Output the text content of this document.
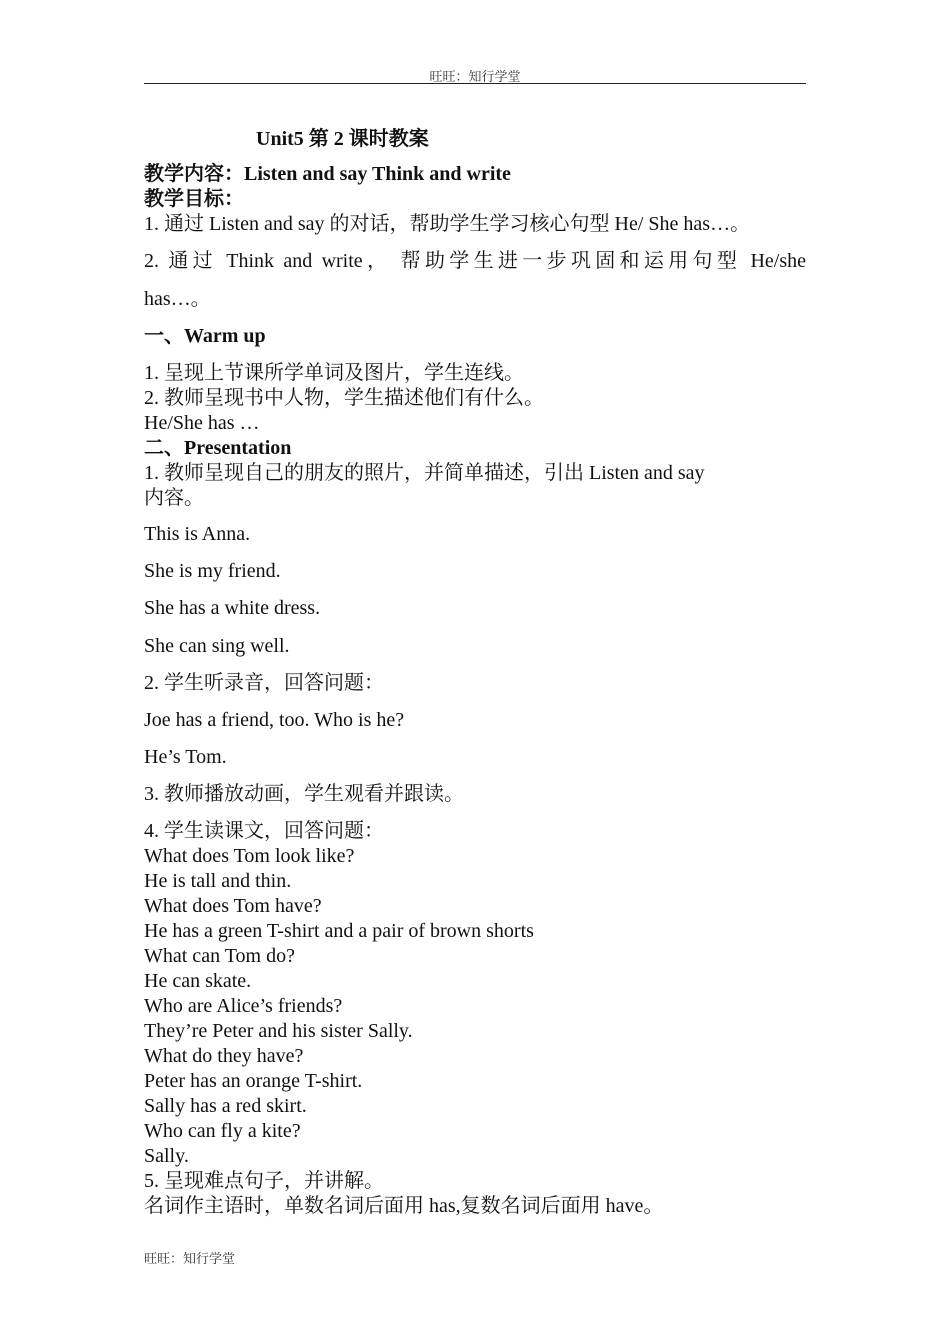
旺旺：知行学堂
Unit5 第 2 课时教案
教学内容：Listen and say Think and write
教学目标：
1. 通过 Listen and say 的对话，帮助学生学习核心句型 He/ She has…。
2. 通过 Think and write， 帮助学生进一步巩固和运用句型 He/she
has…。
一、Warm up
1. 呈现上节课所学单词及图片，学生连线。
2. 教师呈现书中人物，学生描述他们有什么。
He/She has …
二、Presentation
1. 教师呈现自己的朋友的照片，并简单描述，引出 Listen and say
内容。
This is Anna.
She is my friend.
She has a white dress.
She can sing well.
2. 学生听录音，回答问题：
Joe has a friend, too. Who is he?
He’s Tom.
3. 教师播放动画，学生观看并跟读。
4. 学生读课文，回答问题：
What does Tom look like?
He is tall and thin.
What does Tom have?
He has a green T-shirt and a pair of brown shorts
What can Tom do?
He can skate.
Who are Alice’s friends?
They’re Peter and his sister Sally.
What do they have?
Peter has an orange T-shirt.
Sally has a red skirt.
Who can fly a kite?
Sally.
5. 呈现难点句子，并讲解。
名词作主语时，单数名词后面用 has,复数名词后面用 have。
旺旺：知行学堂
